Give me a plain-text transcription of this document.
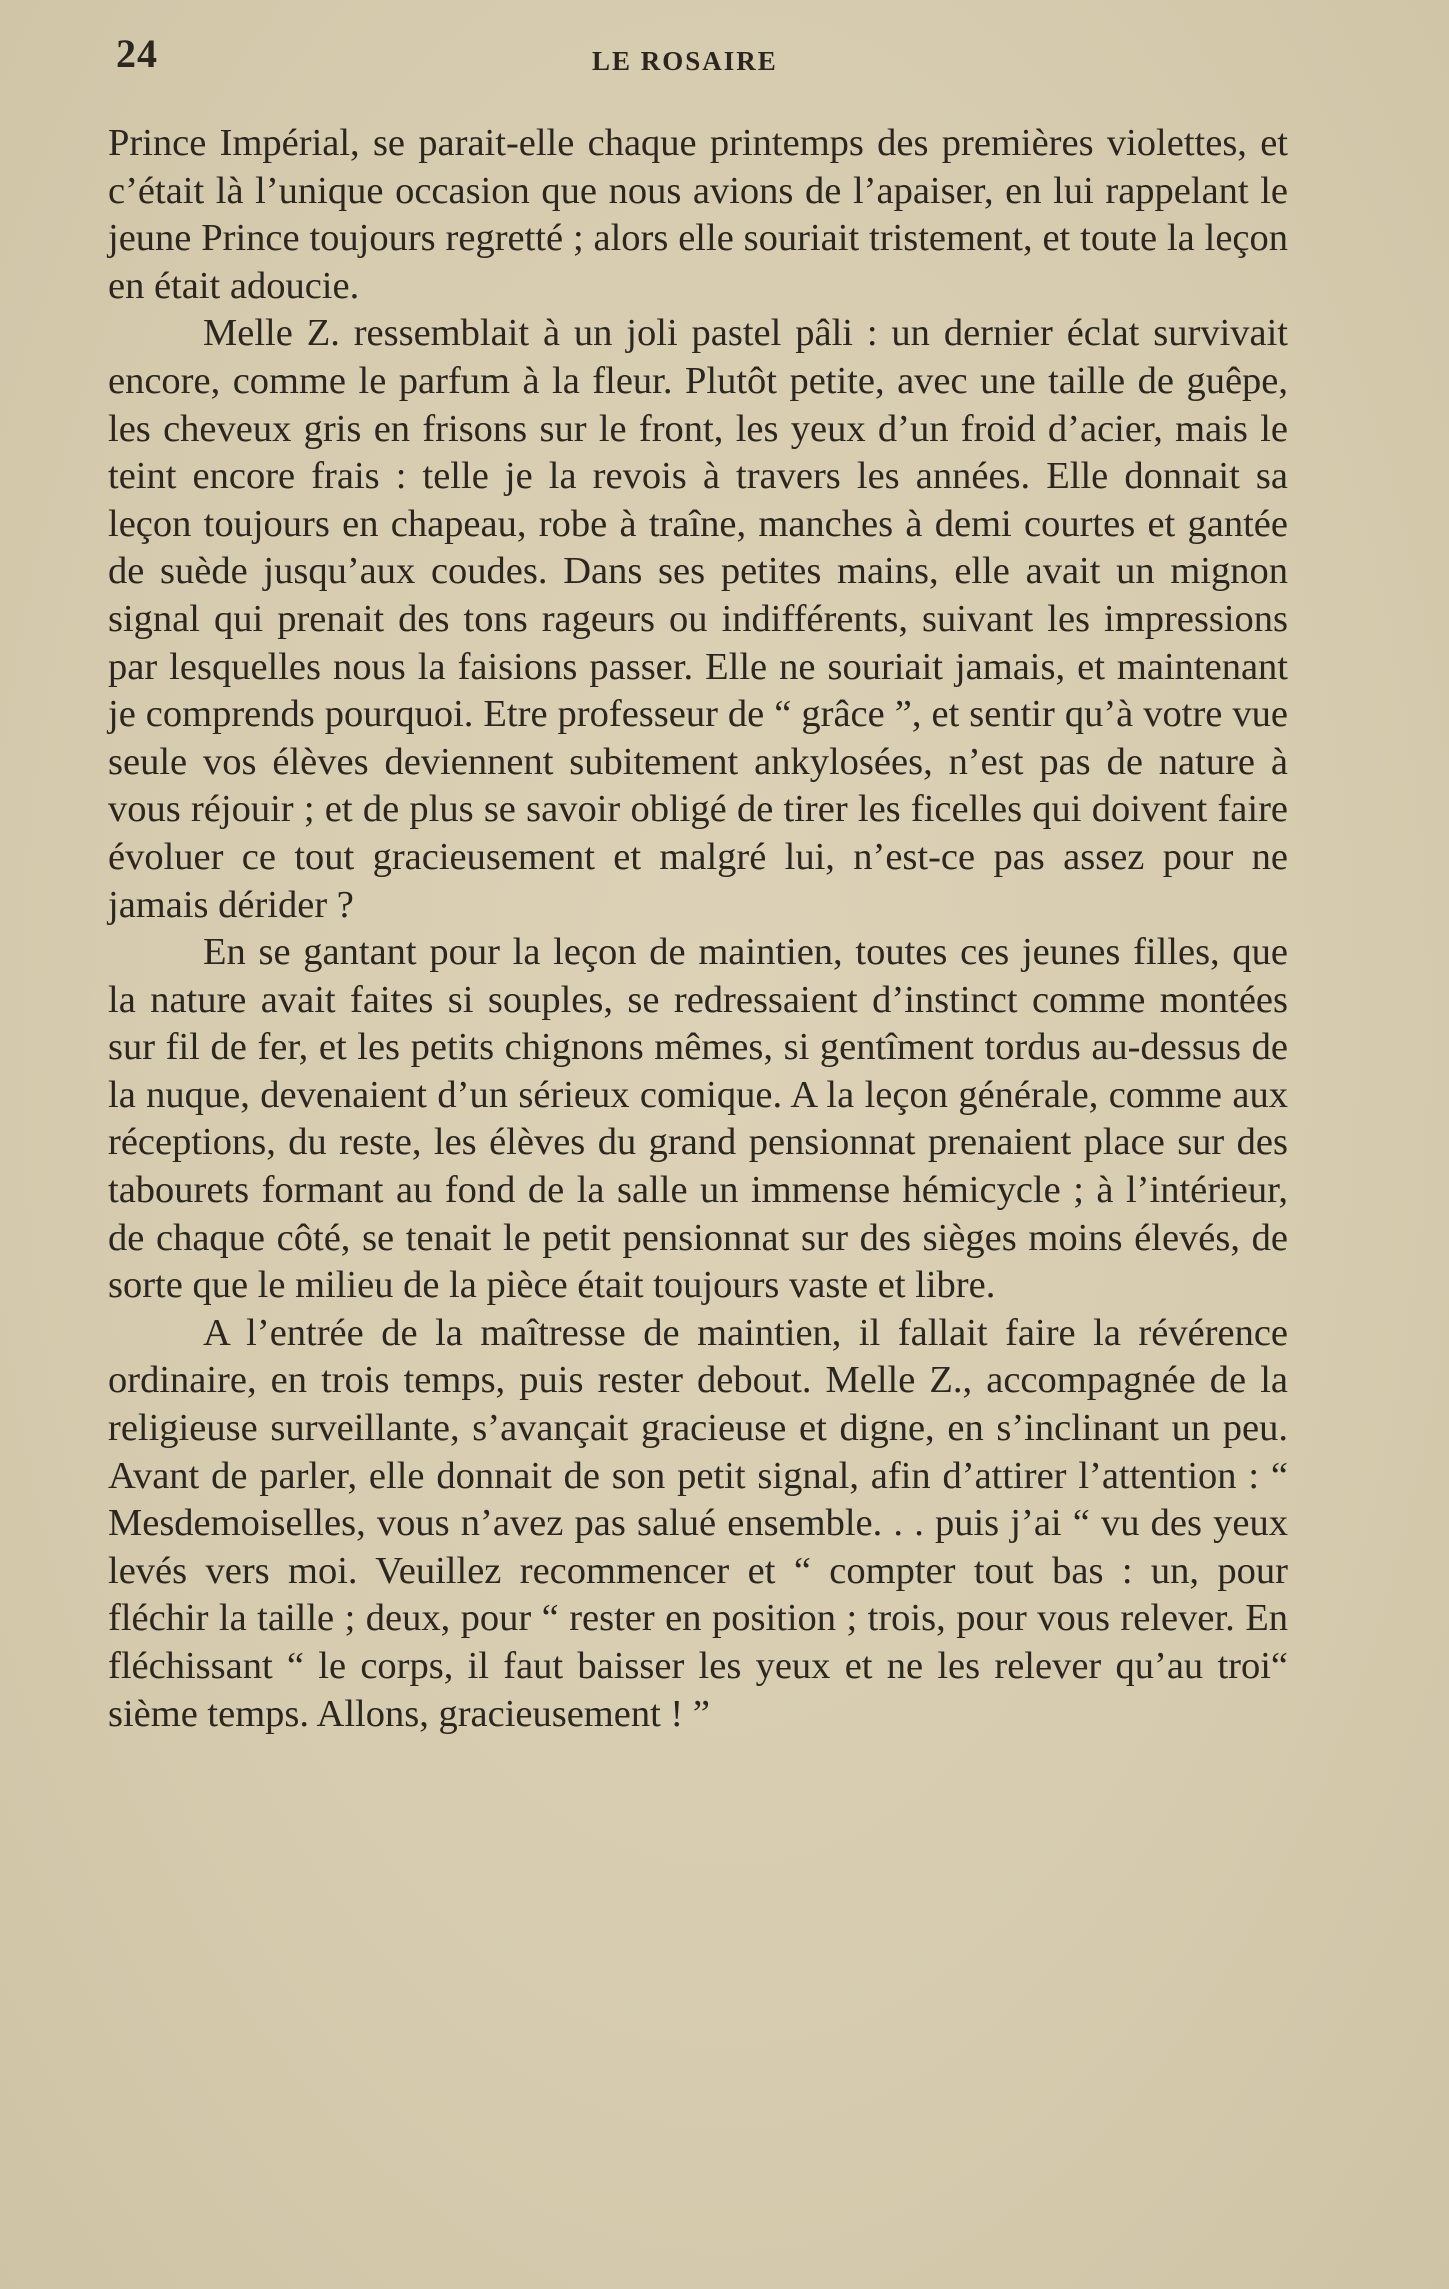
24	LE ROSAIRE

Prince Impérial, se parait-elle chaque printemps des premières violettes, et c’était là l’unique occasion que nous avions de l’apaiser, en lui rappelant le jeune Prince toujours regretté ; alors elle souriait tristement, et toute la leçon en était adoucie.

Melle Z. ressemblait à un joli pastel pâli : un dernier éclat survivait encore, comme le parfum à la fleur. Plutôt petite, avec une taille de guêpe, les cheveux gris en frisons sur le front, les yeux d’un froid d’acier, mais le teint encore frais : telle je la revois à travers les années. Elle donnait sa leçon toujours en chapeau, robe à traîne, manches à demi courtes et gantée de suède jusqu’aux coudes. Dans ses petites mains, elle avait un mignon signal qui prenait des tons rageurs ou indifférents, suivant les impressions par lesquelles nous la faisions passer. Elle ne souriait jamais, et maintenant je comprends pourquoi. Etre professeur de “ grâce ”, et sentir qu’à votre vue seule vos élèves deviennent subitement ankylosées, n’est pas de nature à vous réjouir ; et de plus se savoir obligé de tirer les ficelles qui doivent faire évoluer ce tout gracieusement et malgré lui, n’est-ce pas assez pour ne jamais dérider ?

En se gantant pour la leçon de maintien, toutes ces jeunes filles, que la nature avait faites si souples, se redressaient d’instinct comme montées sur fil de fer, et les petits chignons mêmes, si gentîment tordus au-dessus de la nuque, devenaient d’un sérieux comique. A la leçon générale, comme aux réceptions, du reste, les élèves du grand pensionnat prenaient place sur des tabourets formant au fond de la salle un immense hémicycle ; à l’intérieur, de chaque côté, se tenait le petit pensionnat sur des sièges moins élevés, de sorte que le milieu de la pièce était toujours vaste et libre.

A l’entrée de la maîtresse de maintien, il fallait faire la révérence ordinaire, en trois temps, puis rester debout. Melle Z., accompagnée de la religieuse surveillante, s’avançait gracieuse et digne, en s’inclinant un peu. Avant de parler, elle donnait de son petit signal, afin d’attirer l’attention : “ Mesdemoiselles, vous n’avez pas salué ensemble. . . puis j’ai “ vu des yeux levés vers moi. Veuillez recommencer et “ compter tout bas : un, pour fléchir la taille ; deux, pour “ rester en position ; trois, pour vous relever. En fléchissant “ le corps, il faut baisser les yeux et ne les relever qu’au troi“ sième temps. Allons, gracieusement ! ”
